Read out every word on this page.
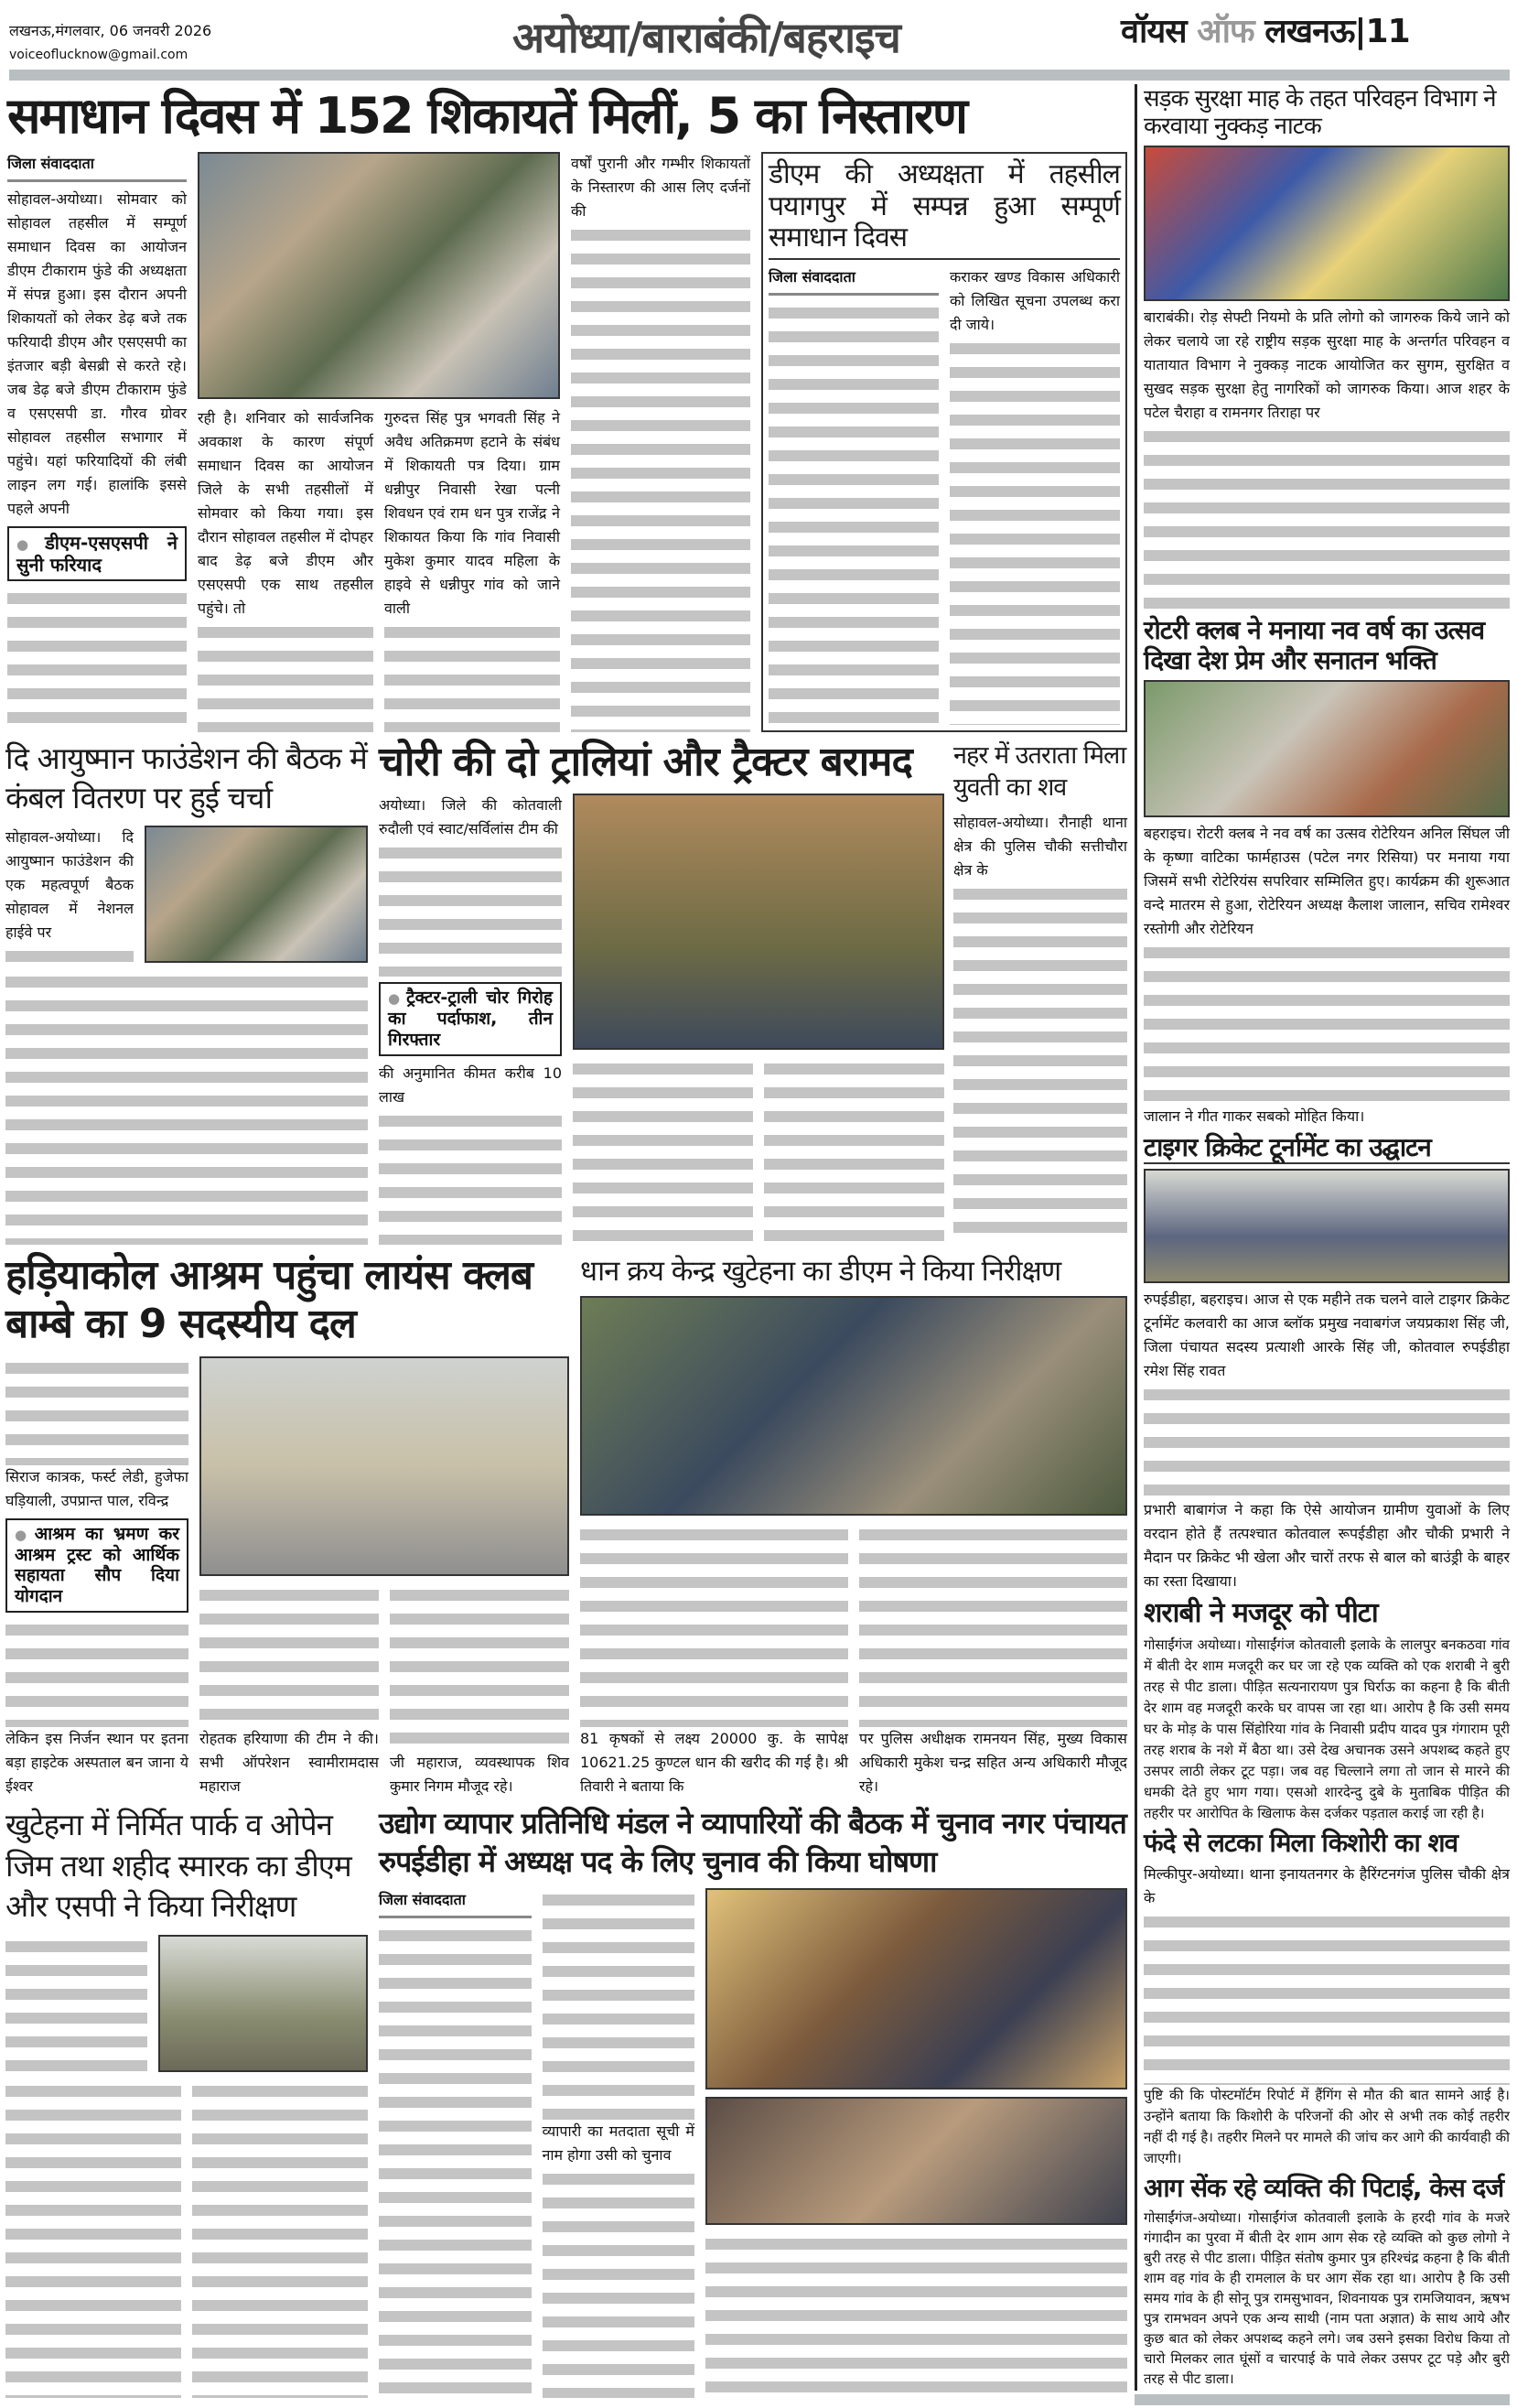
लखनऊ,मंगलवार, 06 जनवरी 2026
voiceoflucknow@gmail.com	अयोध्या/बाराबंकी/बहराइच	वॉयस ऑफ लखनऊ|11
समाधान दिवस में 152 शिकायतें मिलीं, 5 का निस्तारण
जिला संवाददाता

सोहावल-अयोध्या। सोमवार को सोहावल तहसील में सम्पूर्ण समाधान दिवस का आयोजन डीएम टीकाराम फुंडे की अध्यक्षता में संपन्न हुआ। इस दौरान अपनी शिकायतों को लेकर डेढ़ बजे तक फरियादी डीएम और एसएसपी का इंतजार बड़ी बेसब्री से करते रहे। जब डेढ़ बजे डीएम टीकाराम फुंडे व एसएसपी डा. गौरव ग्रोवर सोहावल तहसील सभागार में पहुंचे। यहां फरियादियों की लंबी लाइन लग गई। हालांकि इससे पहले अपनी

● डीएम-एसएसपी ने सुनी फरियाद

रही है। शनिवार को सार्वजनिक अवकाश के कारण संपूर्ण समाधान दिवस का आयोजन जिले के सभी तहसीलों में सोमवार को किया गया। इस दौरान सोहावल तहसील में दोपहर बाद डेढ़ बजे डीएम और एसएसपी एक साथ तहसील पहुंचे। तो

गुरुदत्त सिंह पुत्र भगवती सिंह ने अवैध अतिक्रमण हटाने के संबंध में शिकायती पत्र दिया। ग्राम धन्नीपुर निवासी रेखा पत्नी शिवधन एवं राम धन पुत्र राजेंद्र ने शिकायत किया कि गांव निवासी मुकेश कुमार यादव महिला के हाइवे से धन्नीपुर गांव को जाने वाली

वर्षों पुरानी और गम्भीर शिकायतों के निस्तारण की आस लिए दर्जनों की

डीएम की अध्यक्षता में तहसील पयागपुर में सम्पन्न हुआ सम्पूर्ण समाधान दिवस
जिला संवाददाता	कराकर खण्ड विकास अधिकारी को लिखित सूचना उपलब्ध करा दी जाये।

दि आयुष्मान फाउंडेशन की बैठक में कंबल वितरण पर हुई चर्चा

सोहावल-अयोध्या। दि आयुष्मान फाउंडेशन की एक महत्वपूर्ण बैठक सोहावल में नेशनल हाईवे पर

चोरी की दो ट्रालियां और ट्रैक्टर बरामद

अयोध्या। जिले की कोतवाली रुदौली एवं स्वाट/सर्विलांस टीम की

● ट्रैक्टर-ट्राली चोर गिरोह का पर्दाफाश, तीन गिरफ्तार

की अनुमानित कीमत करीब 10 लाख

नहर में उतराता मिला युवती का शव

सोहावल-अयोध्या। रौनाही थाना क्षेत्र की पुलिस चौकी सत्तीचौरा क्षेत्र के

हड़ियाकोल आश्रम पहुंचा लायंस क्लब बाम्बे का 9 सदस्यीय दल

सिराज कात्रक, फर्स्ट लेडी, हुजेफा घड़ियाली, उपप्रान्त पाल, रविन्द्र

● आश्रम का भ्रमण कर आश्रम ट्रस्ट को आर्थिक सहायता सौप दिया योगदान

लेकिन इस निर्जन स्थान पर इतना बड़ा हाइटेक अस्पताल बन जाना ये ईश्वर

रोहतक हरियाणा की टीम ने की। सभी ऑपरेशन स्वामीरामदास महाराज

जी महाराज, व्यवस्थापक शिव कुमार निगम मौजूद रहे।

धान क्रय केन्द्र खुटेहना का डीएम ने किया निरीक्षण

81 कृषकों से लक्ष्य 20000 कु. के सापेक्ष 10621.25 कुण्टल धान की खरीद की गई है। श्री तिवारी ने बताया कि

पर पुलिस अधीक्षक रामनयन सिंह, मुख्य विकास अधिकारी मुकेश चन्द्र सहित अन्य अधिकारी मौजूद रहे।

खुटेहना में निर्मित पार्क व ओपेन जिम तथा शहीद स्मारक का डीएम और एसपी ने किया निरीक्षण
उद्योग व्यापार प्रतिनिधि मंडल ने व्यापारियों की बैठक में चुनाव नगर पंचायत रुपईडीहा में अध्यक्ष पद के लिए चुनाव की किया घोषणा
जिला संवाददाता

व्यापारी का मतदाता सूची में नाम होगा उसी को चुनाव

सड़क सुरक्षा माह के तहत परिवहन विभाग ने करवाया नुक्कड़ नाटक

बाराबंकी। रोड़ सेफ्टी नियमो के प्रति लोगो को जागरुक किये जाने को लेकर चलाये जा रहे राष्ट्रीय सड़क सुरक्षा माह के अन्तर्गत परिवहन व यातायात विभाग ने नुक्कड़ नाटक आयोजित कर सुगम, सुरक्षित व सुखद सड़क सुरक्षा हेतु नागरिकों को जागरुक किया। आज शहर के पटेल चैराहा व रामनगर तिराहा पर

रोटरी क्लब ने मनाया नव वर्ष का उत्सव दिखा देश प्रेम और सनातन भक्ति

बहराइच। रोटरी क्लब ने नव वर्ष का उत्सव रोटेरियन अनिल सिंघल जी के कृष्णा वाटिका फार्महाउस (पटेल नगर रिसिया) पर मनाया गया जिसमें सभी रोटेरियंस सपरिवार सम्मिलित हुए। कार्यक्रम की शुरूआत वन्दे मातरम से हुआ, रोटेरियन अध्यक्ष कैलाश जालान, सचिव रामेश्वर रस्तोगी और रोटेरियन

जालान ने गीत गाकर सबको मोहित किया।

टाइगर क्रिकेट टूर्नामेंट का उद्घाटन

रुपईडीहा, बहराइच। आज से एक महीने तक चलने वाले टाइगर क्रिकेट टूर्नामेंट कलवारी का आज ब्लॉक प्रमुख नवाबगंज जयप्रकाश सिंह जी, जिला पंचायत सदस्य प्रत्याशी आरके सिंह जी, कोतवाल रुपईडीहा रमेश सिंह रावत

प्रभारी बाबागंज ने कहा कि ऐसे आयोजन ग्रामीण युवाओं के लिए वरदान होते हैं तत्पश्चात कोतवाल रूपईडीहा और चौकी प्रभारी ने मैदान पर क्रिकेट भी खेला और चारों तरफ से बाल को बाउंड्री के बाहर का रस्ता दिखाया।

शराबी ने मजदूर को पीटा

गोसाईंगंज अयोध्या। गोसाईंगंज कोतवाली इलाके के लालपुर बनकठवा गांव में बीती देर शाम मजदूरी कर घर जा रहे एक व्यक्ति को एक शराबी ने बुरी तरह से पीट डाला। पीड़ित सत्यनारायण पुत्र घिर्राऊ का कहना है कि बीती देर शाम वह मजदूरी करके घर वापस जा रहा था। आरोप है कि उसी समय घर के मोड़ के पास सिंहोरिया गांव के निवासी प्रदीप यादव पुत्र गंगाराम पूरी तरह शराब के नशे में बैठा था। उसे देख अचानक उसने अपशब्द कहते हुए उसपर लाठी लेकर टूट पड़ा। जब वह चिल्लाने लगा तो जान से मारने की धमकी देते हुए भाग गया। एसओ शारदेन्दु दुबे के मुताबिक पीड़ित की तहरीर पर आरोपित के खिलाफ केस दर्जकर पड़ताल कराई जा रही है।

फंदे से लटका मिला किशोरी का शव

मिल्कीपुर-अयोध्या। थाना इनायतनगर के हैरिंग्टनगंज पुलिस चौकी क्षेत्र के

पुष्टि की कि पोस्टमॉर्टम रिपोर्ट में हैंगिंग से मौत की बात सामने आई है। उन्होंने बताया कि किशोरी के परिजनों की ओर से अभी तक कोई तहरीर नहीं दी गई है। तहरीर मिलने पर मामले की जांच कर आगे की कार्यवाही की जाएगी।

आग सेंक रहे व्यक्ति की पिटाई, केस दर्ज

गोसाईंगंज-अयोध्या। गोसाईंगंज कोतवाली इलाके के हरदी गांव के मजरे गंगादीन का पुरवा में बीती देर शाम आग सेक रहे व्यक्ति को कुछ लोगो ने बुरी तरह से पीट डाला। पीड़ित संतोष कुमार पुत्र हरिश्चंद्र कहना है कि बीती शाम वह गांव के ही रामलाल के घर आग सेंक रहा था। आरोप है कि उसी समय गांव के ही सोनू पुत्र रामसुभावन, शिवनायक पुत्र रामजियावन, ऋषभ पुत्र रामभवन अपने एक अन्य साथी (नाम पता अज्ञात) के साथ आये और कुछ बात को लेकर अपशब्द कहने लगे। जब उसने इसका विरोध किया तो चारो मिलकर लात घूंसों व चारपाई के पावे लेकर उसपर टूट पड़े और बुरी तरह से पीट डाला।
